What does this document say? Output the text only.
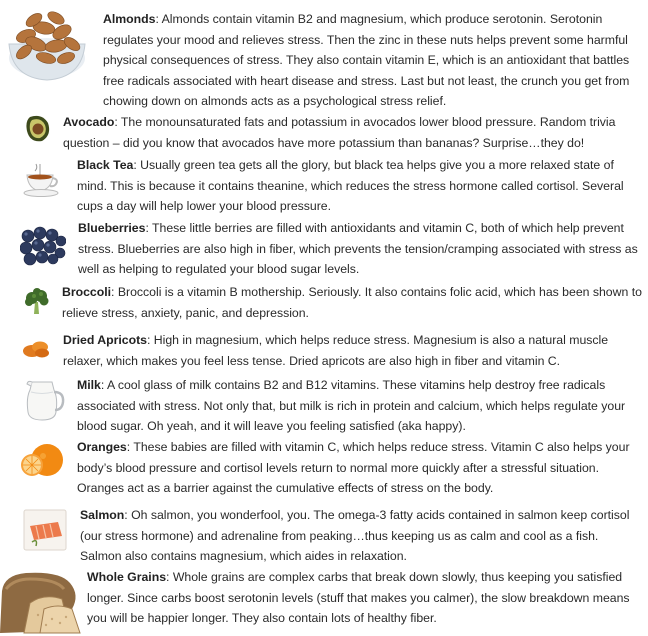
Almonds: Almonds contain vitamin B2 and magnesium, which produce serotonin. Serotonin regulates your mood and relieves stress. Then the zinc in these nuts helps prevent some harmful physical consequences of stress. They also contain vitamin E, which is an antioxidant that battles free radicals associated with heart disease and stress. Last but not least, the crunch you get from chowing down on almonds acts as a psychological stress relief.
Avocado: The monounsaturated fats and potassium in avocados lower blood pressure. Random trivia question – did you know that avocados have more potassium than bananas? Surprise…they do!
Black Tea: Usually green tea gets all the glory, but black tea helps give you a more relaxed state of mind. This is because it contains theanine, which reduces the stress hormone called cortisol. Several cups a day will help lower your blood pressure.
Blueberries: These little berries are filled with antioxidants and vitamin C, both of which help prevent stress. Blueberries are also high in fiber, which prevents the tension/cramping associated with stress as well as helping to regulated your blood sugar levels.
Broccoli: Broccoli is a vitamin B mothership. Seriously. It also contains folic acid, which has been shown to relieve stress, anxiety, panic, and depression.
Dried Apricots: High in magnesium, which helps reduce stress. Magnesium is also a natural muscle relaxer, which makes you feel less tense. Dried apricots are also high in fiber and vitamin C.
Milk: A cool glass of milk contains B2 and B12 vitamins. These vitamins help destroy free radicals associated with stress. Not only that, but milk is rich in protein and calcium, which helps regulate your blood sugar. Oh yeah, and it will leave you feeling satisfied (aka happy).
Oranges: These babies are filled with vitamin C, which helps reduce stress. Vitamin C also helps your body’s blood pressure and cortisol levels return to normal more quickly after a stressful situation. Oranges act as a barrier against the cumulative effects of stress on the body.
Salmon: Oh salmon, you wonderfool, you. The omega-3 fatty acids contained in salmon keep cortisol (our stress hormone) and adrenaline from peaking…thus keeping us as calm and cool as a fish. Salmon also contains magnesium, which aides in relaxation.
Whole Grains: Whole grains are complex carbs that break down slowly, thus keeping you satisfied longer. Since carbs boost serotonin levels (stuff that makes you calmer), the slow breakdown means you will be happier longer. They also contain lots of healthy fiber.
